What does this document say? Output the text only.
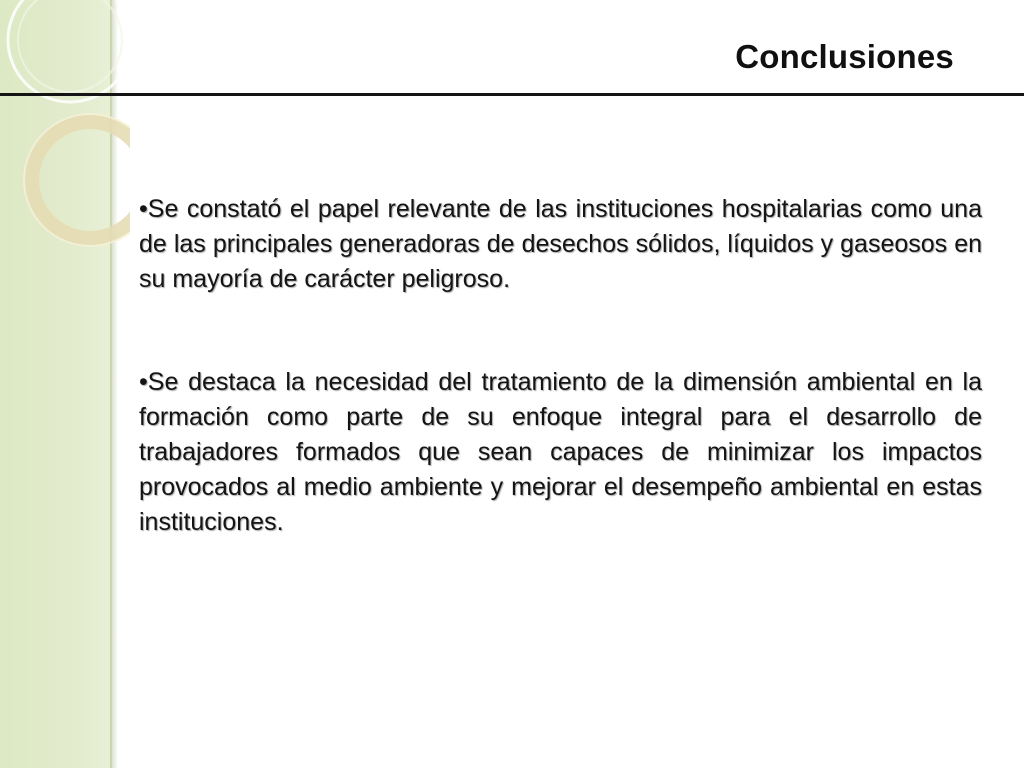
Conclusiones

•Se constató el papel relevante de las instituciones hospitalarias como una de las principales generadoras de desechos sólidos, líquidos y gaseosos en su mayoría de carácter peligroso.

•Se destaca la necesidad del tratamiento de la dimensión ambiental en la formación como parte de su enfoque integral para el desarrollo de trabajadores formados que sean capaces de minimizar los impactos provocados al medio ambiente y mejorar el desempeño ambiental en estas instituciones.
